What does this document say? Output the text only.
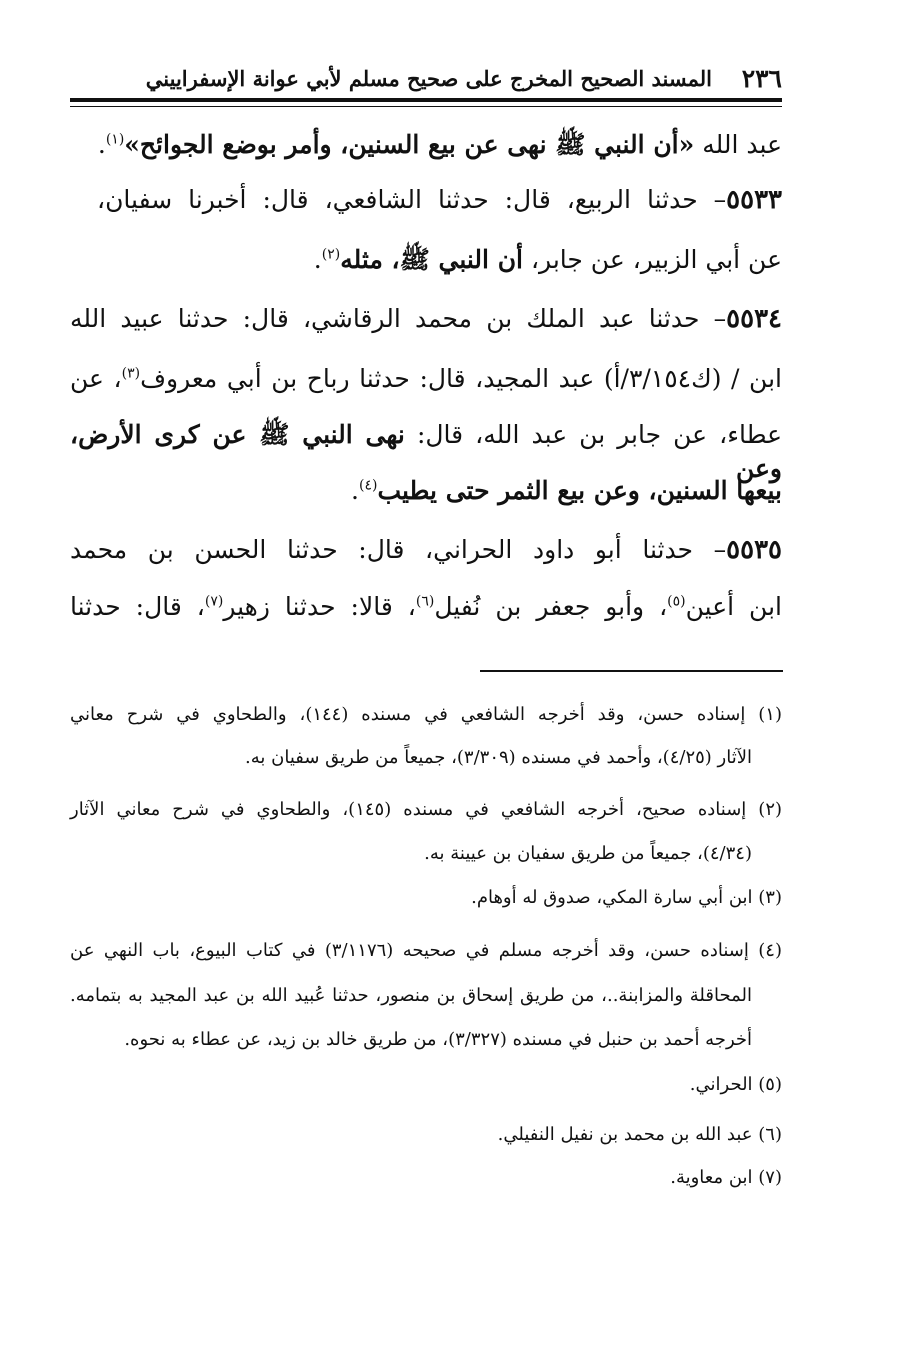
٢٣٦
المسند الصحيح المخرج على صحيح مسلم لأبي عوانة الإسفراييني
عبد الله «أن النبي ﷺ نهى عن بيع السنين، وأمر بوضع الجوائح»$^{(١)}$.
٥٥٣٣– حدثنا الربيع، قال: حدثنا الشافعي، قال: أخبرنا سفيان،
عن أبي الزبير، عن جابر، أن النبي ﷺ، مثله$^{(٢)}$.
٥٥٣٤– حدثنا عبد الملك بن محمد الرقاشي، قال: حدثنا عبيد الله
ابن / (ك٣/١٥٤/أ) عبد المجيد، قال: حدثنا رباح بن أبي معروف$^{(٣)}$، عن
عطاء، عن جابر بن عبد الله، قال: نهى النبي ﷺ عن كرى الأرض، وعن
بيعها السنين، وعن بيع الثمر حتى يطيب$^{(٤)}$.
٥٥٣٥– حدثنا أبو داود الحراني، قال: حدثنا الحسن بن محمد
ابن أعين$^{(٥)}$، وأبو جعفر بن نُفيل$^{(٦)}$، قالا: حدثنا زهير$^{(٧)}$، قال: حدثنا
(١) إسناده حسن، وقد أخرجه الشافعي في مسنده (١٤٤)، والطحاوي في شرح معاني
الآثار (٤/٢٥)، وأحمد في مسنده (٣/٣٠٩)، جميعاً من طريق سفيان به.
(٢) إسناده صحيح، أخرجه الشافعي في مسنده (١٤٥)، والطحاوي في شرح معاني الآثار
(٤/٣٤)، جميعاً من طريق سفيان بن عيينة به.
(٣) ابن أبي سارة المكي، صدوق له أوهام.
(٤) إسناده حسن، وقد أخرجه مسلم في صحيحه (٣/١١٧٦) في كتاب البيوع، باب النهي عن
المحاقلة والمزابنة..، من طريق إسحاق بن منصور، حدثنا عُبيد الله بن عبد المجيد به بتمامه.
أخرجه أحمد بن حنبل في مسنده (٣/٣٢٧)، من طريق خالد بن زيد، عن عطاء به نحوه.
(٥) الحراني.
(٦) عبد الله بن محمد بن نفيل النفيلي.
(٧) ابن معاوية.
